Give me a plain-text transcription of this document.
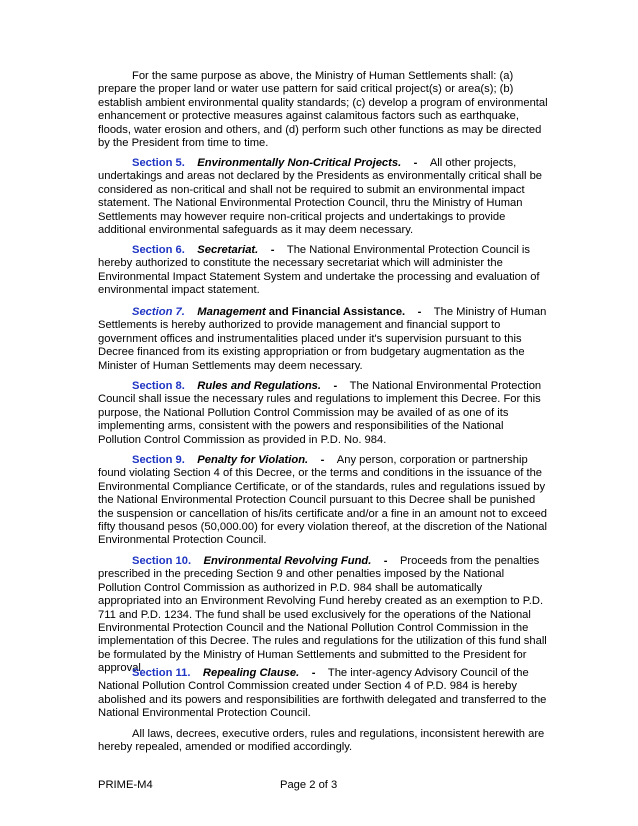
For the same purpose as above, the Ministry of Human Settlements shall: (a) prepare the proper land or water use pattern for said critical project(s) or area(s); (b) establish ambient environmental quality standards; (c) develop a program of environmental enhancement or protective measures against calamitous factors such as earthquake, floods, water erosion and others, and (d) perform such other functions as may be directed by the President from time to time.

Section 5. Environmentally Non-Critical Projects. - All other projects, undertakings and areas not declared by the Presidents as environmentally critical shall be considered as non-critical and shall not be required to submit an environmental impact statement. The National Environmental Protection Council, thru the Ministry of Human Settlements may however require non-critical projects and undertakings to provide additional environmental safeguards as it may deem necessary.

Section 6. Secretariat. - The National Environmental Protection Council is hereby authorized to constitute the necessary secretariat which will administer the Environmental Impact Statement System and undertake the processing and evaluation of environmental impact statement.

Section 7. Management and Financial Assistance. - The Ministry of Human Settlements is hereby authorized to provide management and financial support to government offices and instrumentalities placed under it's supervision pursuant to this Decree financed from its existing appropriation or from budgetary augmentation as the Minister of Human Settlements may deem necessary.

Section 8. Rules and Regulations. - The National Environmental Protection Council shall issue the necessary rules and regulations to implement this Decree. For this purpose, the National Pollution Control Commission may be availed of as one of its implementing arms, consistent with the powers and responsibilities of the National Pollution Control Commission as provided in P.D. No. 984.

Section 9. Penalty for Violation. - Any person, corporation or partnership found violating Section 4 of this Decree, or the terms and conditions in the issuance of the Environmental Compliance Certificate, or of the standards, rules and regulations issued by the National Environmental Protection Council pursuant to this Decree shall be punished the suspension or cancellation of his/its certificate and/or a fine in an amount not to exceed fifty thousand pesos (50,000.00) for every violation thereof, at the discretion of the National Environmental Protection Council.

Section 10. Environmental Revolving Fund. - Proceeds from the penalties prescribed in the preceding Section 9 and other penalties imposed by the National Pollution Control Commission as authorized in P.D. 984 shall be automatically appropriated into an Environment Revolving Fund hereby created as an exemption to P.D. 711 and P.D. 1234. The fund shall be used exclusively for the operations of the National Environmental Protection Council and the National Pollution Control Commission in the implementation of this Decree. The rules and regulations for the utilization of this fund shall be formulated by the Ministry of Human Settlements and submitted to the President for approval.

Section 11. Repealing Clause. - The inter-agency Advisory Council of the National Pollution Control Commission created under Section 4 of P.D. 984 is hereby abolished and its powers and responsibilities are forthwith delegated and transferred to the National Environmental Protection Council.

All laws, decrees, executive orders, rules and regulations, inconsistent herewith are hereby repealed, amended or modified accordingly.

PRIME-M4	Page 2 of 3
